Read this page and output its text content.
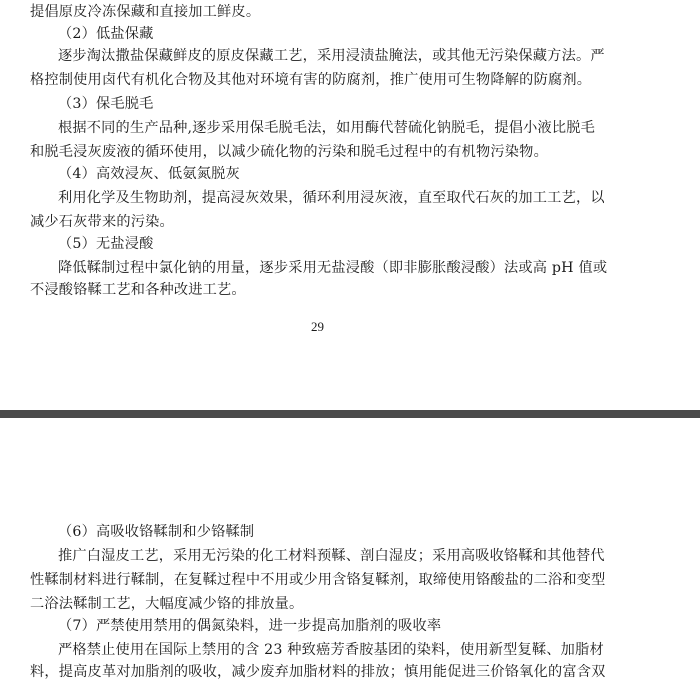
提倡原皮冷冻保藏和直接加工鲜皮。
（2）低盐保藏
逐步淘汰撒盐保藏鲜皮的原皮保藏工艺，采用浸渍盐腌法，或其他无污染保藏方法。严
格控制使用卤代有机化合物及其他对环境有害的防腐剂，推广使用可生物降解的防腐剂。
（3）保毛脱毛
根据不同的生产品种,逐步采用保毛脱毛法，如用酶代替硫化钠脱毛，提倡小液比脱毛
和脱毛浸灰废液的循环使用，以减少硫化物的污染和脱毛过程中的有机物污染物。
（4）高效浸灰、低氨氮脱灰
利用化学及生物助剂，提高浸灰效果，循环利用浸灰液，直至取代石灰的加工工艺，以
减少石灰带来的污染。
（5）无盐浸酸
降低鞣制过程中氯化钠的用量，逐步采用无盐浸酸（即非膨胀酸浸酸）法或高 pH 值或
不浸酸铬鞣工艺和各种改进工艺。
29
（6）高吸收铬鞣制和少铬鞣制
推广白湿皮工艺，采用无污染的化工材料预鞣、剖白湿皮；采用高吸收铬鞣和其他替代
性鞣制材料进行鞣制，在复鞣过程中不用或少用含铬复鞣剂，取缔使用铬酸盐的二浴和变型
二浴法鞣制工艺，大幅度减少铬的排放量。
（7）严禁使用禁用的偶氮染料，进一步提高加脂剂的吸收率
严格禁止使用在国际上禁用的含 23 种致癌芳香胺基团的染料，使用新型复鞣、加脂材
料，提高皮革对加脂剂的吸收，减少废弃加脂材料的排放；慎用能促进三价铬氧化的富含双
